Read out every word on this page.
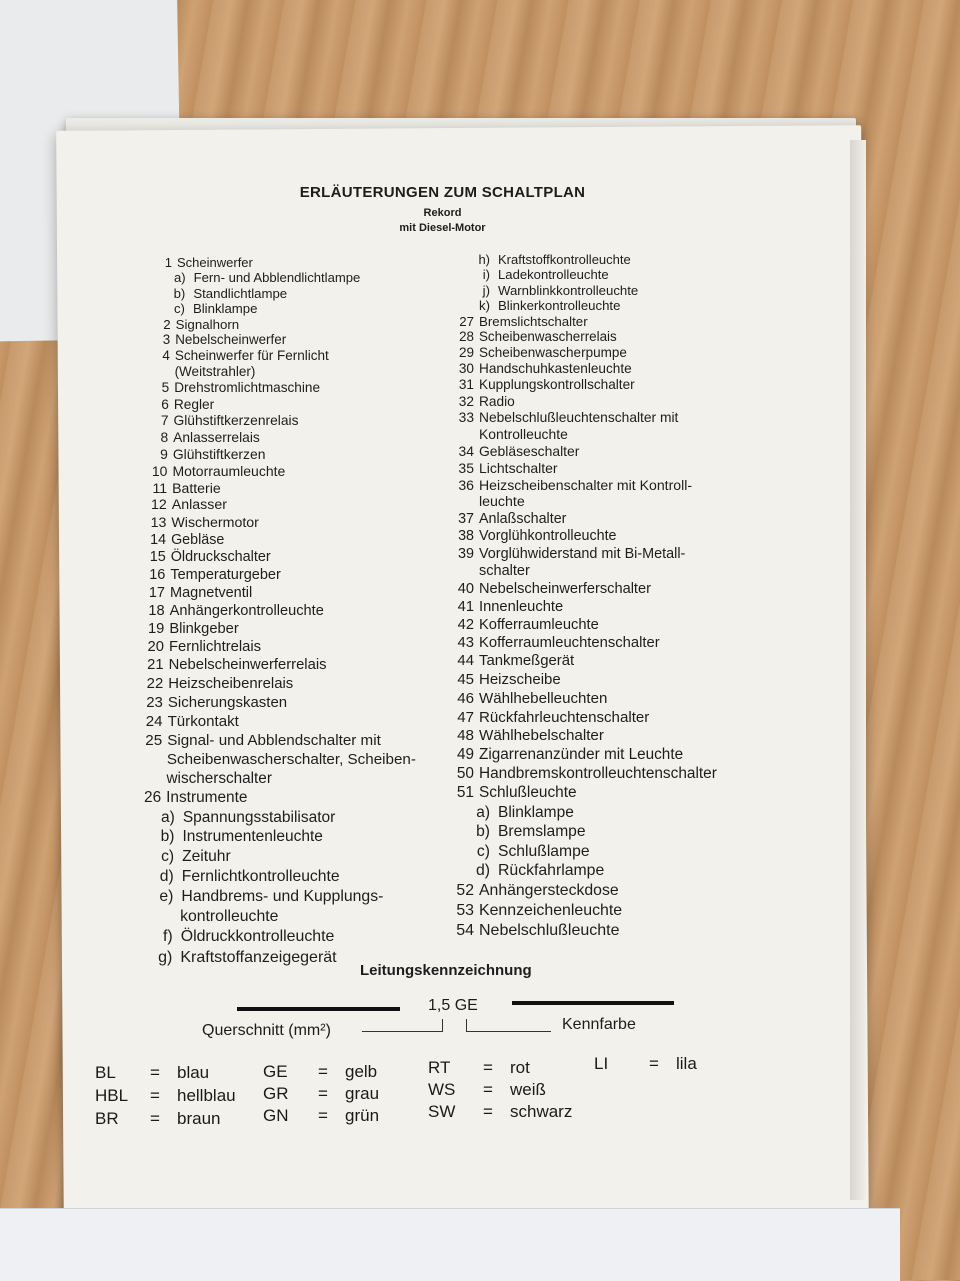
ERLÄUTERUNGEN ZUM SCHALTPLAN
Rekord
mit Diesel-Motor
1 Scheinwerfer
a) Fern- und Abblendlichtlampe
b) Standlichtlampe
c) Blinklampe
2 Signalhorn
3 Nebelscheinwerfer
4 Scheinwerfer für Fernlicht
(Weitstrahler)
5 Drehstromlichtmaschine
6 Regler
7 Glühstiftkerzenrelais
8 Anlasserrelais
9 Glühstiftkerzen
10 Motorraumleuchte
11 Batterie
12 Anlasser
13 Wischermotor
14 Gebläse
15 Öldruckschalter
16 Temperaturgeber
17 Magnetventil
18 Anhängerkontrolleuchte
19 Blinkgeber
20 Fernlichtrelais
21 Nebelscheinwerferrelais
22 Heizscheibenrelais
23 Sicherungskasten
24 Türkontakt
25 Signal- und Abblendschalter mit
Scheibenwascherschalter, Scheiben-
wischerschalter
26 Instrumente
a) Spannungsstabilisator
b) Instrumentenleuchte
c) Zeituhr
d) Fernlichtkontrolleuchte
e) Handbrems- und Kupplungs-
kontrolleuchte
f) Öldruckkontrolleuchte
g) Kraftstoffanzeigegerät
h) Kraftstoffkontrolleuchte
i) Ladekontrolleuchte
j) Warnblinkkontrolleuchte
k) Blinkerkontrolleuchte
27 Bremslichtschalter
28 Scheibenwascherrelais
29 Scheibenwascherpumpe
30 Handschuhkastenleuchte
31 Kupplungskontrollschalter
32 Radio
33 Nebelschlußleuchtenschalter mit
Kontrolleuchte
34 Gebläseschalter
35 Lichtschalter
36 Heizscheibenschalter mit Kontroll-
leuchte
37 Anlaßschalter
38 Vorglühkontrolleuchte
39 Vorglühwiderstand mit Bi-Metall-
schalter
40 Nebelscheinwerferschalter
41 Innenleuchte
42 Kofferraumleuchte
43 Kofferraumleuchtenschalter
44 Tankmeßgerät
45 Heizscheibe
46 Wählhebelleuchten
47 Rückfahrleuchtenschalter
48 Wählhebelschalter
49 Zigarrenanzünder mit Leuchte
50 Handbremskontrolleuchtenschalter
51 Schlußleuchte
a) Blinklampe
b) Bremslampe
c) Schlußlampe
d) Rückfahrlampe
52 Anhängersteckdose
53 Kennzeichenleuchte
54 Nebelschlußleuchte
Leitungskennzeichnung
1,5 GE
Querschnitt (mm²)	Kennfarbe
BL = blau
HBL = hellblau
BR = braun
GE = gelb
GR = grau
GN = grün
RT = rot
WS = weiß
SW = schwarz
LI = lila
